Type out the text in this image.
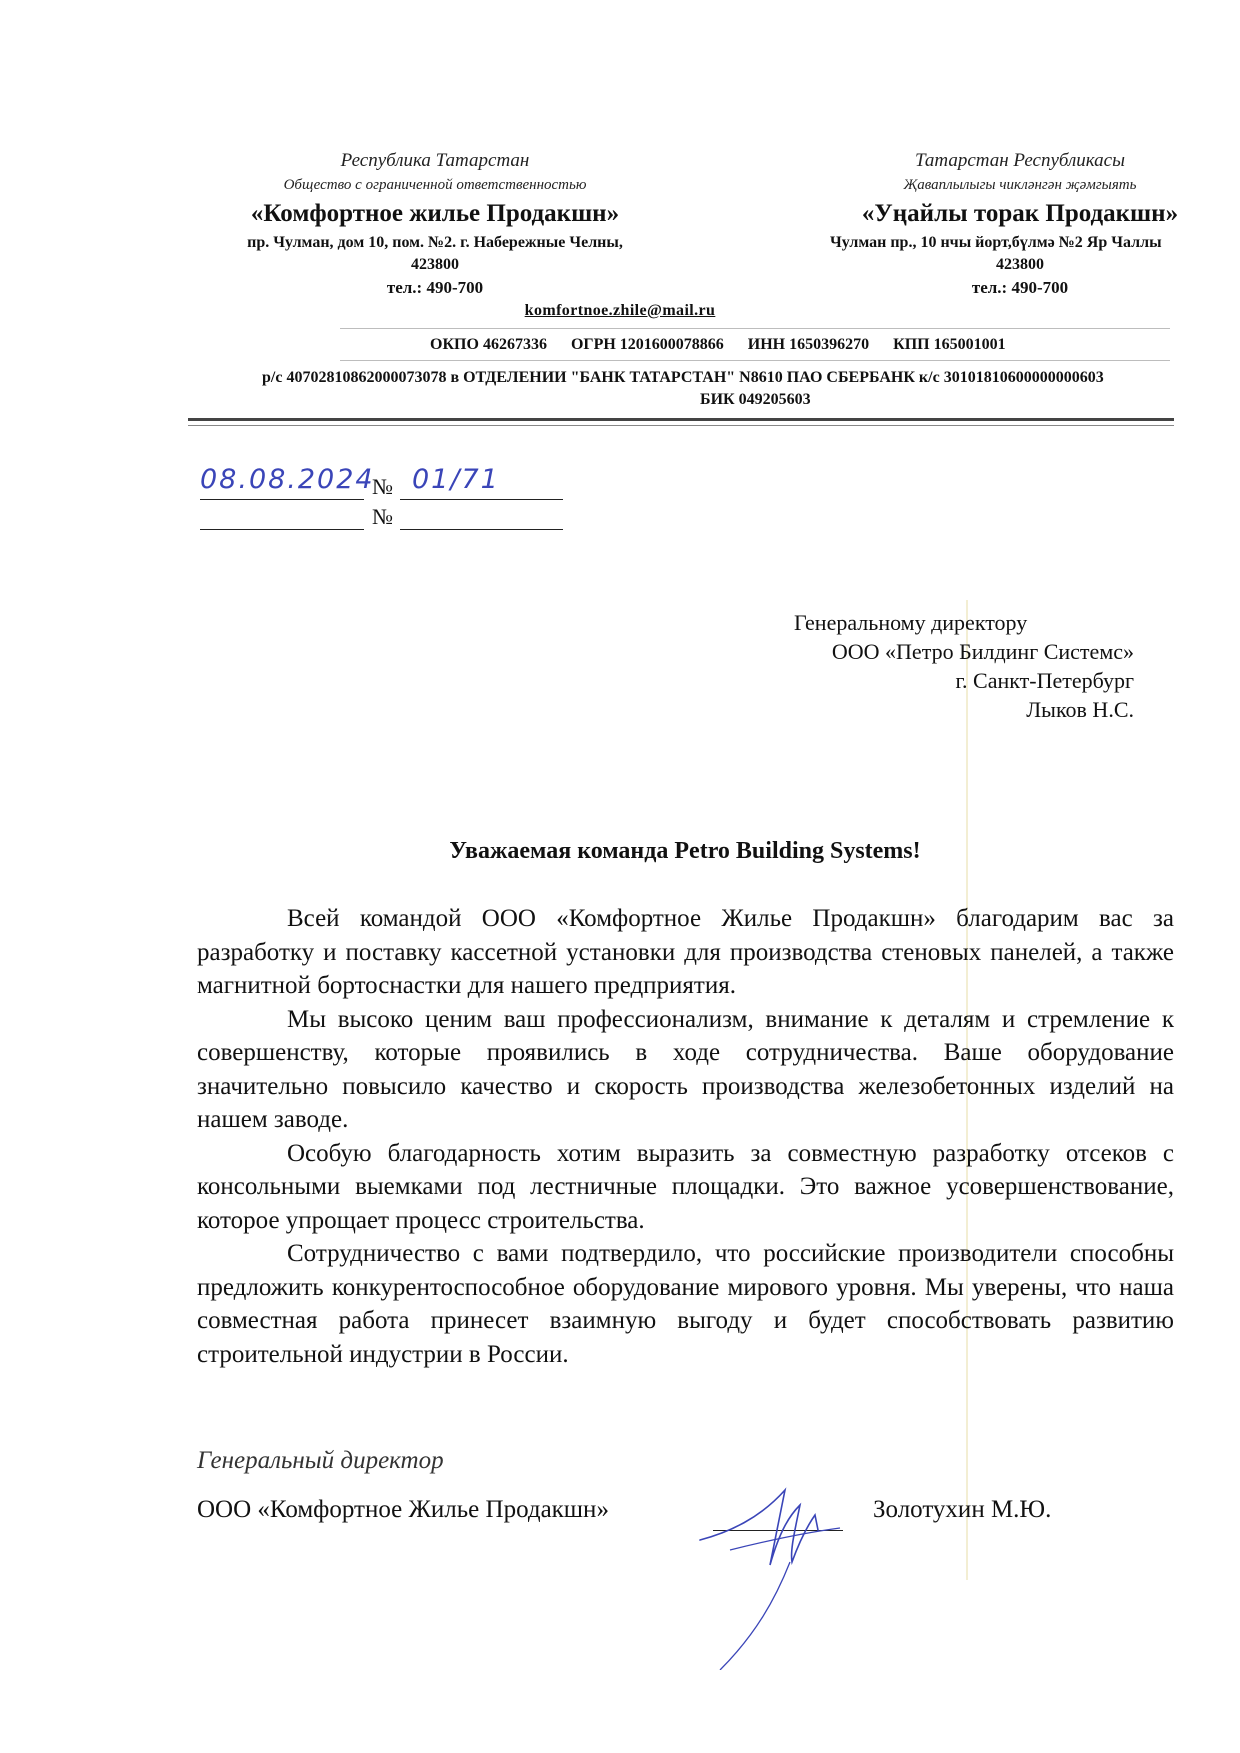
Республика Татарстан
Общество с ограниченной ответственностью
«Комфортное жилье Продакшн»
пр. Чулман, дом 10, пом. №2. г. Набережные Челны,
423800
тел.: 490-700
Татарстан Республикасы
Җаваплылыгы чикләнгән җәмгыять
«Уңайлы торак Продакшн»
Чулман пр., 10 нчы йорт,бүлмә №2 Яр Чаллы
423800
тел.: 490-700
komfortnoe.zhile@mail.ru
ОКПО 46267336 ОГРН 1201600078866 ИНН 1650396270 КПП 165001001
р/с 40702810862000073078 в ОТДЕЛЕНИИ "БАНК ТАТАРСТАН" N8610 ПАО СБЕРБАНК к/с 30101810600000000603
БИК 049205603
08.08.2024
№ 01/71
№
Генеральному директору
ООО «Петро Билдинг Системс»
г. Санкт-Петербург
Лыков Н.С.
Уважаемая команда Petro Building Systems!

Всей командой ООО «Комфортное Жилье Продакшн» благодарим вас за разработку и поставку кассетной установки для производства стеновых панелей, а также магнитной бортоснастки для нашего предприятия.

Мы высоко ценим ваш профессионализм, внимание к деталям и стремление к совершенству, которые проявились в ходе сотрудничества. Ваше оборудование значительно повысило качество и скорость производства железобетонных изделий на нашем заводе.

Особую благодарность хотим выразить за совместную разработку отсеков с консольными выемками под лестничные площадки. Это важное усовершенствование, которое упрощает процесс строительства.

Сотрудничество с вами подтвердило, что российские производители способны предложить конкурентоспособное оборудование мирового уровня. Мы уверены, что наша совместная работа принесет взаимную выгоду и будет способствовать развитию строительной индустрии в России.

Генеральный директор
ООО «Комфортное Жилье Продакшн»	Золотухин М.Ю.
